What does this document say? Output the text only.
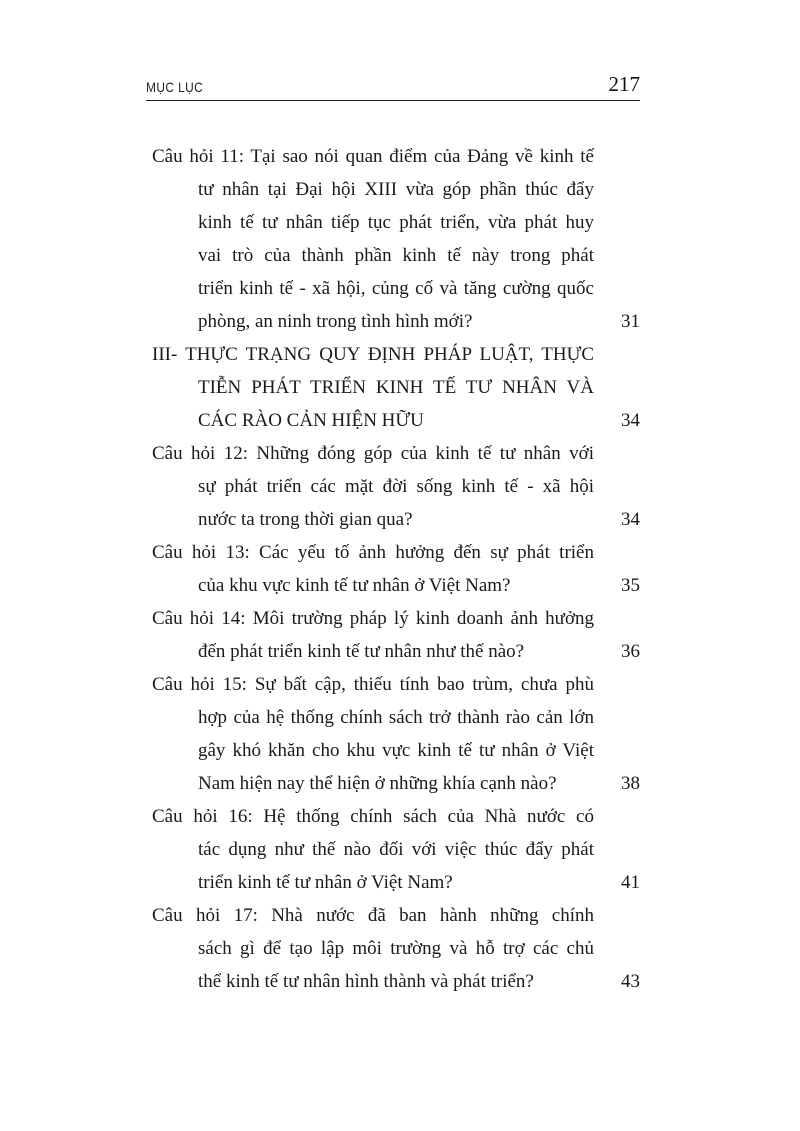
MỤC LỤC	217
Câu hỏi 11: Tại sao nói quan điểm của Đảng về kinh tế
tư nhân tại Đại hội XIII vừa góp phần thúc đẩy
kinh tế tư nhân tiếp tục phát triển, vừa phát huy
vai trò của thành phần kinh tế này trong phát
triển kinh tế - xã hội, củng cố và tăng cường quốc
phòng, an ninh trong tình hình mới?	31
III- THỰC TRẠNG QUY ĐỊNH PHÁP LUẬT, THỰC
TIỄN PHÁT TRIỂN KINH TẾ TƯ NHÂN VÀ
CÁC RÀO CẢN HIỆN HỮU	34
Câu hỏi 12: Những đóng góp của kinh tế tư nhân với
sự phát triển các mặt đời sống kinh tế - xã hội
nước ta trong thời gian qua?	34
Câu hỏi 13: Các yếu tố ảnh hưởng đến sự phát triển
của khu vực kinh tế tư nhân ở Việt Nam?	35
Câu hỏi 14: Môi trường pháp lý kinh doanh ảnh hưởng
đến phát triển kinh tế tư nhân như thế nào?	36
Câu hỏi 15: Sự bất cập, thiếu tính bao trùm, chưa phù
hợp của hệ thống chính sách trở thành rào cản lớn
gây khó khăn cho khu vực kinh tế tư nhân ở Việt
Nam hiện nay thể hiện ở những khía cạnh nào?	38
Câu hỏi 16: Hệ thống chính sách của Nhà nước có
tác dụng như thế nào đối với việc thúc đẩy phát
triển kinh tế tư nhân ở Việt Nam?	41
Câu hỏi 17: Nhà nước đã ban hành những chính
sách gì để tạo lập môi trường và hỗ trợ các chủ
thể kinh tế tư nhân hình thành và phát triển?	43
